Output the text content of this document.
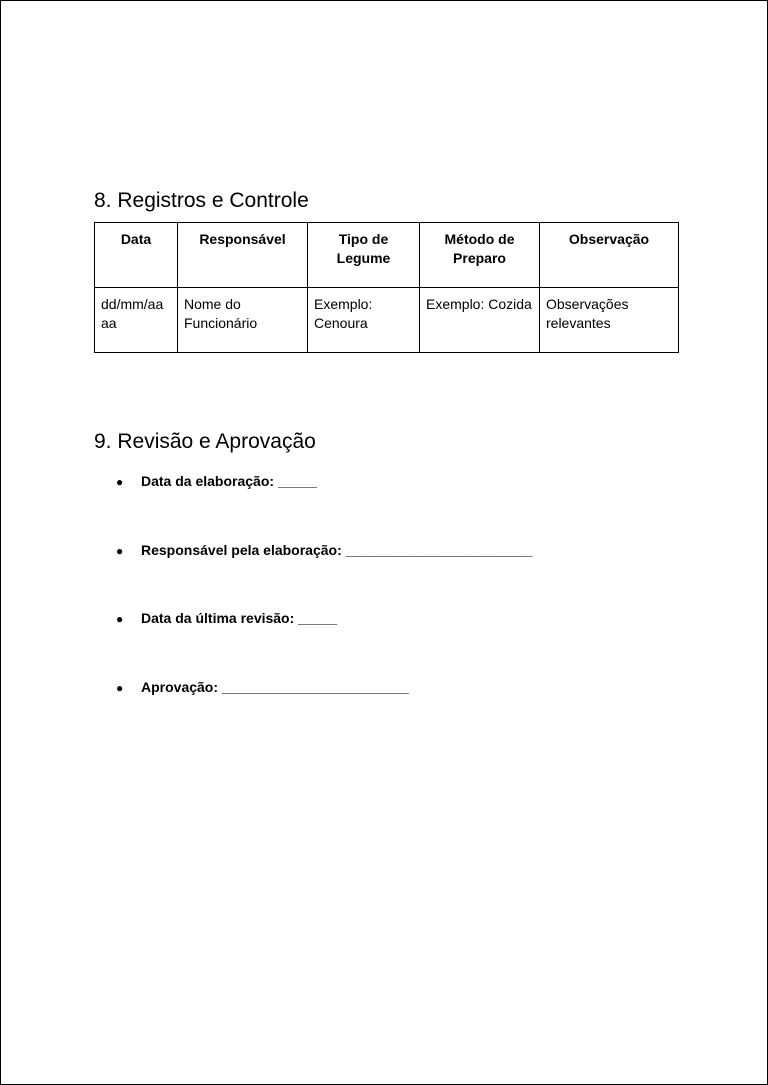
8. Registros e Controle
Data	Responsável	Tipo de Legume	Método de Preparo	Observação
dd/mm/aaaa	Nome do Funcionário	Exemplo: Cenoura	Exemplo: Cozida	Observações relevantes
9. Revisão e Aprovação
● Data da elaboração: _____
● Responsável pela elaboração: ________________________
● Data da última revisão: _____
● Aprovação: ________________________
